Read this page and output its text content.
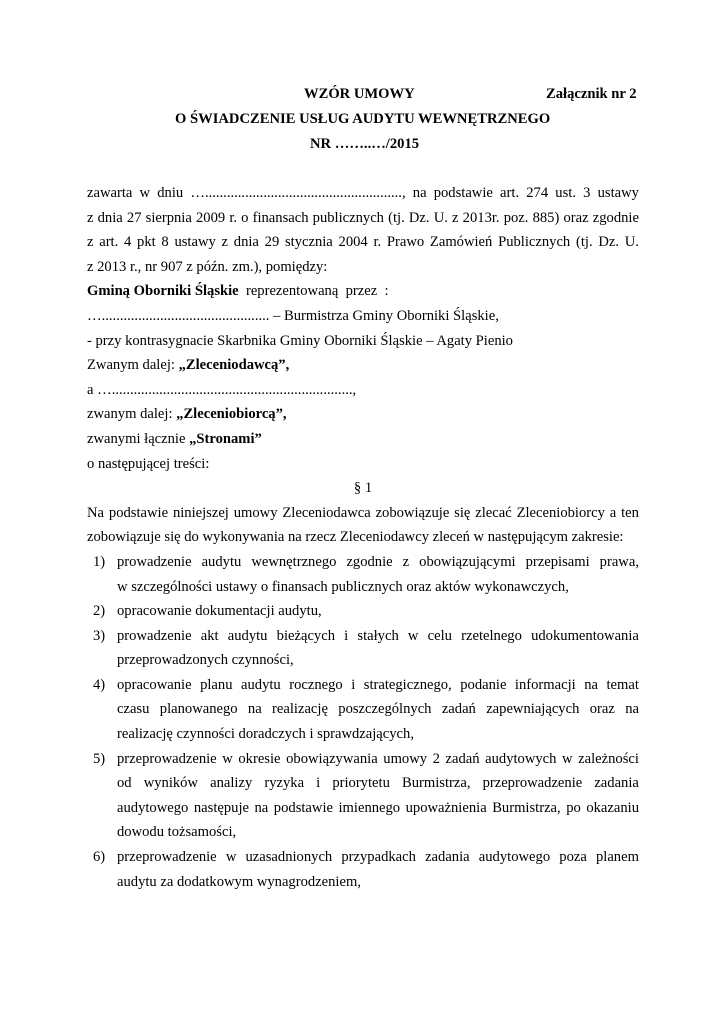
WZÓR UMOWY	Załącznik nr 2
O ŚWIADCZENIE USŁUG AUDYTU WEWNĘTRZNEGO
NR ……..…/2015
zawarta w dniu …......................................................, na podstawie art. 274 ust. 3 ustawy
z dnia 27 sierpnia 2009 r. o finansach publicznych (tj. Dz. U. z 2013r. poz. 885) oraz zgodnie
z art. 4 pkt 8 ustawy z dnia 29 stycznia 2004 r. Prawo Zamówień Publicznych (tj. Dz. U.
z 2013 r., nr 907 z późn. zm.), pomiędzy:
Gminą Oborniki Śląskie  reprezentowaną  przez  :
….............................................. – Burmistrza Gminy Oborniki Śląskie,
- przy kontrasygnacie Skarbnika Gminy Oborniki Śląskie – Agaty Pienio
Zwanym dalej: „Zleceniodawcą”,
a …..................................................................,
zwanym dalej: „Zleceniobiorcą”,
zwanymi łącznie „Stronami”
o następującej treści:
§ 1
Na podstawie niniejszej umowy Zleceniodawca zobowiązuje się zlecać Zleceniobiorcy a ten
zobowiązuje się do wykonywania na rzecz Zleceniodawcy zleceń w następującym zakresie:
1) prowadzenie audytu wewnętrznego zgodnie z obowiązującymi przepisami prawa,
w szczególności ustawy o finansach publicznych oraz aktów wykonawczych,
2) opracowanie dokumentacji audytu,
3) prowadzenie akt audytu bieżących i stałych w celu rzetelnego udokumentowania
przeprowadzonych czynności,
4) opracowanie planu audytu rocznego i strategicznego, podanie informacji na temat
czasu planowanego na realizację poszczególnych zadań zapewniających oraz na
realizację czynności doradczych i sprawdzających,
5) przeprowadzenie w okresie obowiązywania umowy 2 zadań audytowych w zależności
od wyników analizy ryzyka i priorytetu Burmistrza, przeprowadzenie zadania
audytowego następuje na podstawie imiennego upoważnienia Burmistrza, po okazaniu
dowodu tożsamości,
6) przeprowadzenie w uzasadnionych przypadkach zadania audytowego poza planem
audytu za dodatkowym wynagrodzeniem,
